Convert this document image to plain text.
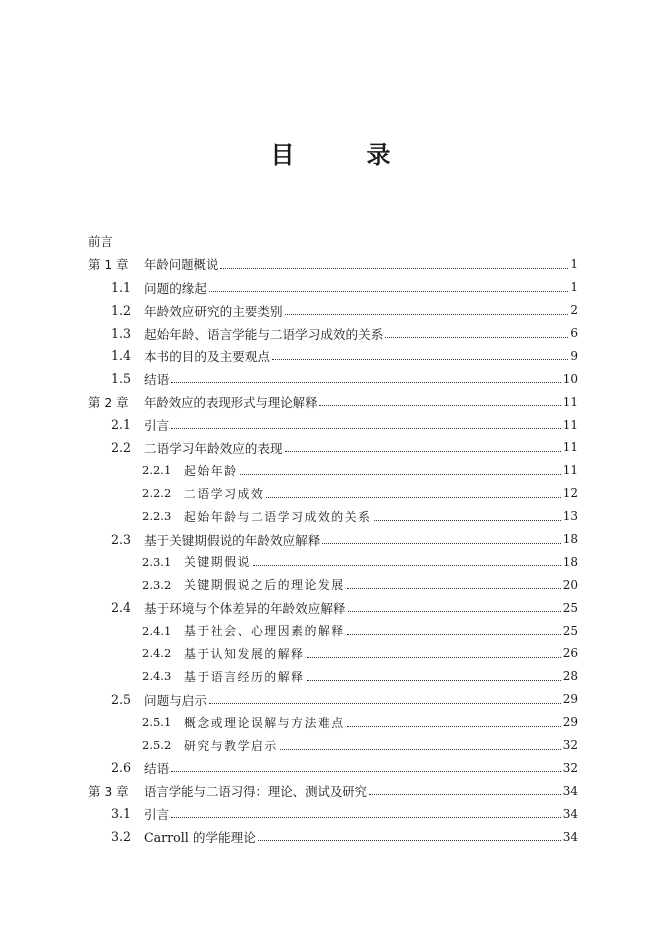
目	录
前言
第 1 章	年龄问题概说	1
1.1	问题的缘起	1
1.2	年龄效应研究的主要类别	2
1.3	起始年龄、语言学能与二语学习成效的关系	6
1.4	本书的目的及主要观点	9
1.5	结语	10
第 2 章	年龄效应的表现形式与理论解释	11
2.1	引言	11
2.2	二语学习年龄效应的表现	11
2.2.1	起始年龄	11
2.2.2	二语学习成效	12
2.2.3	起始年龄与二语学习成效的关系	13
2.3	基于关键期假说的年龄效应解释	18
2.3.1	关键期假说	18
2.3.2	关键期假说之后的理论发展	20
2.4	基于环境与个体差异的年龄效应解释	25
2.4.1	基于社会、心理因素的解释	25
2.4.2	基于认知发展的解释	26
2.4.3	基于语言经历的解释	28
2.5	问题与启示	29
2.5.1	概念或理论误解与方法难点	29
2.5.2	研究与教学启示	32
2.6	结语	32
第 3 章	语言学能与二语习得：理论、测试及研究	34
3.1	引言	34
3.2	Carroll 的学能理论	34
